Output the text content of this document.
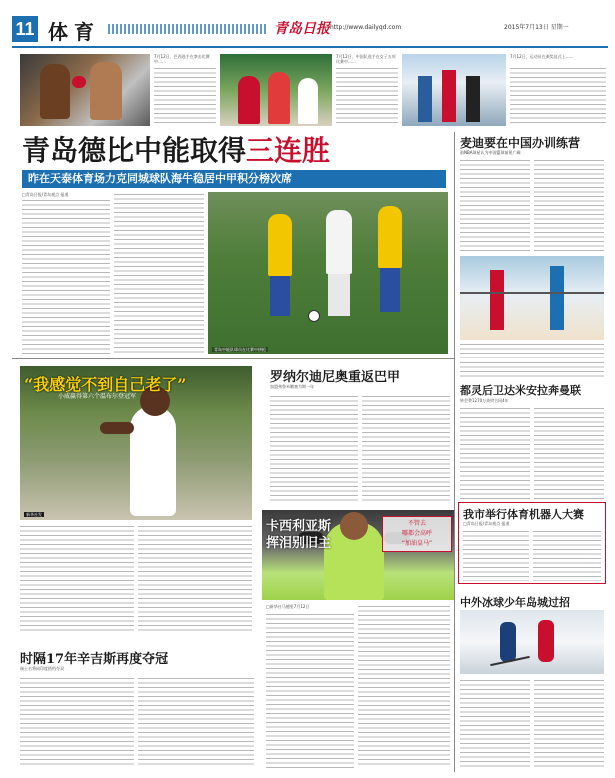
11 体育	青岛日报 http://www.dailyqd.com	2015年7月13日 星期一
7月12日，巴西选手在拳击比赛中……
7月12日，中国队选手在女子五项比赛中……
7月12日，运动员在颁奖仪式上……
青岛德比中能取得三连胜
昨在天泰体育场力克同城球队海牛稳居中甲积分榜次席
□青岛日报/青岛观点 报道
青岛中能队球员在比赛中拼抢
麦迪要在中国办训练营
前NBA球星认为中国篮球前景广阔
都灵后卫达米安拉奔曼联
转会费1270万英镑合同4年
我市举行体育机器人大赛
□青岛日报/青岛观点 报道
中外冰球少年岛城过招
新华社发
“我感觉不到自己老了”
小威赢得第六个温布尔登冠军
罗纳尔迪尼奥重返巴甲
加盟弗鲁米嫩塞为期一年
卡西利亚斯
挥泪别旧主
不管去
哪都会高呼
“加油皇马”
□新华社马德里7月12日
时隔17年辛吉斯再度夺冠
瑞士名将同印度搭档夺双
